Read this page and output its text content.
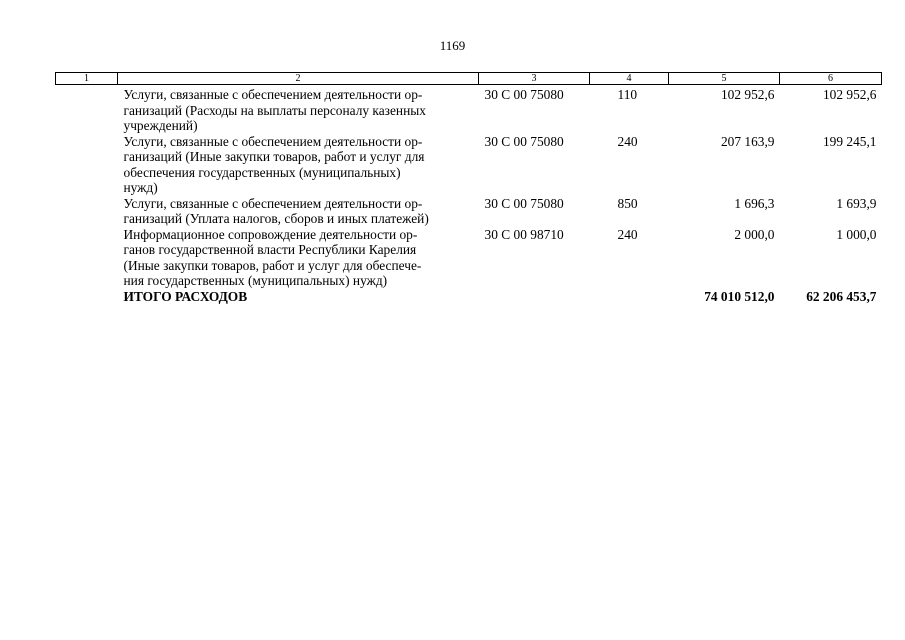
1169
1	2	3	4	5	6

	Услуги, связанные с обеспечением деятельности ор-
ганизаций (Расходы на выплаты персоналу казенных
учреждений)	30 С 00 75080	110	102 952,6	102 952,6

	Услуги, связанные с обеспечением деятельности ор-
ганизаций (Иные закупки товаров, работ и услуг для
обеспечения государственных (муниципальных)
нужд)	30 С 00 75080	240	207 163,9	199 245,1

	Услуги, связанные с обеспечением деятельности ор-
ганизаций (Уплата налогов, сборов и иных платежей)	30 С 00 75080	850	1 696,3	1 693,9

	Информационное сопровождение деятельности ор-
ганов государственной власти Республики Карелия
(Иные закупки товаров, работ и услуг для обеспече-
ния государственных (муниципальных) нужд)	30 С 00 98710	240	2 000,0	1 000,0
	ИТОГО РАСХОДОВ			74 010 512,0	62 206 453,7
